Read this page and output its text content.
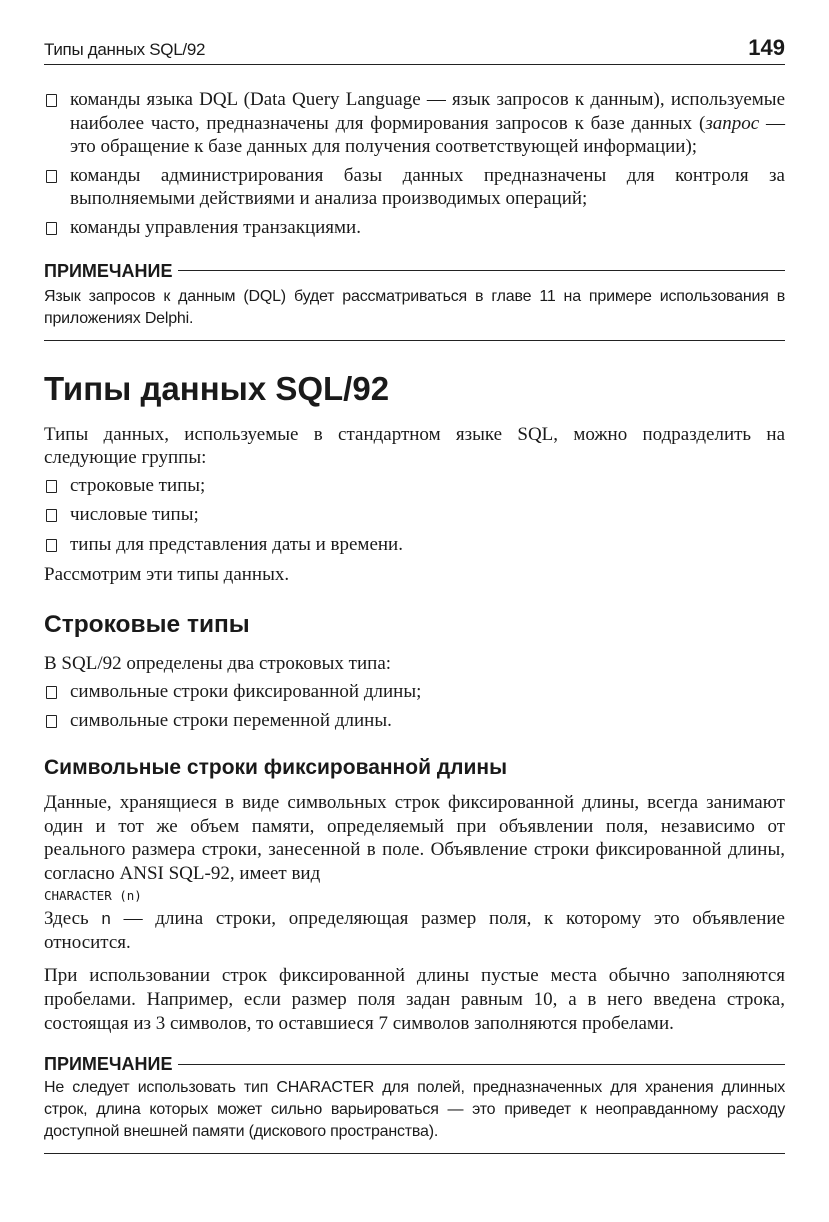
Типы данных SQL/92	149
команды языка DQL (Data Query Language — язык запросов к данным), используемые наиболее часто, предназначены для формирования запросов к базе данных (запрос — это обращение к базе данных для получения соответствующей информации);
команды администрирования базы данных предназначены для контроля за выполняемыми действиями и анализа производимых операций;
команды управления транзакциями.
ПРИМЕЧАНИЕ
Язык запросов к данным (DQL) будет рассматриваться в главе 11 на примере использования в приложениях Delphi.
Типы данных SQL/92

Типы данных, используемые в стандартном языке SQL, можно подразделить на следующие группы:

строковые типы;
числовые типы;
типы для представления даты и времени.

Рассмотрим эти типы данных.

Строковые типы

В SQL/92 определены два строковых типа:

символьные строки фиксированной длины;
символьные строки переменной длины.
Символьные строки фиксированной длины

Данные, хранящиеся в виде символьных строк фиксированной длины, всегда занимают один и тот же объем памяти, определяемый при объявлении поля, независимо от реального размера строки, занесенной в поле. Объявление строки фиксированной длины, согласно ANSI SQL-92, имеет вид

CHARACTER (n)

Здесь n — длина строки, определяющая размер поля, к которому это объявление относится.

При использовании строк фиксированной длины пустые места обычно заполняются пробелами. Например, если размер поля задан равным 10, а в него введена строка, состоящая из 3 символов, то оставшиеся 7 символов заполняются пробелами.

ПРИМЕЧАНИЕ
Не следует использовать тип CHARACTER для полей, предназначенных для хранения длинных строк, длина которых может сильно варьироваться — это приведет к неоправданному расходу доступной внешней памяти (дискового пространства).
